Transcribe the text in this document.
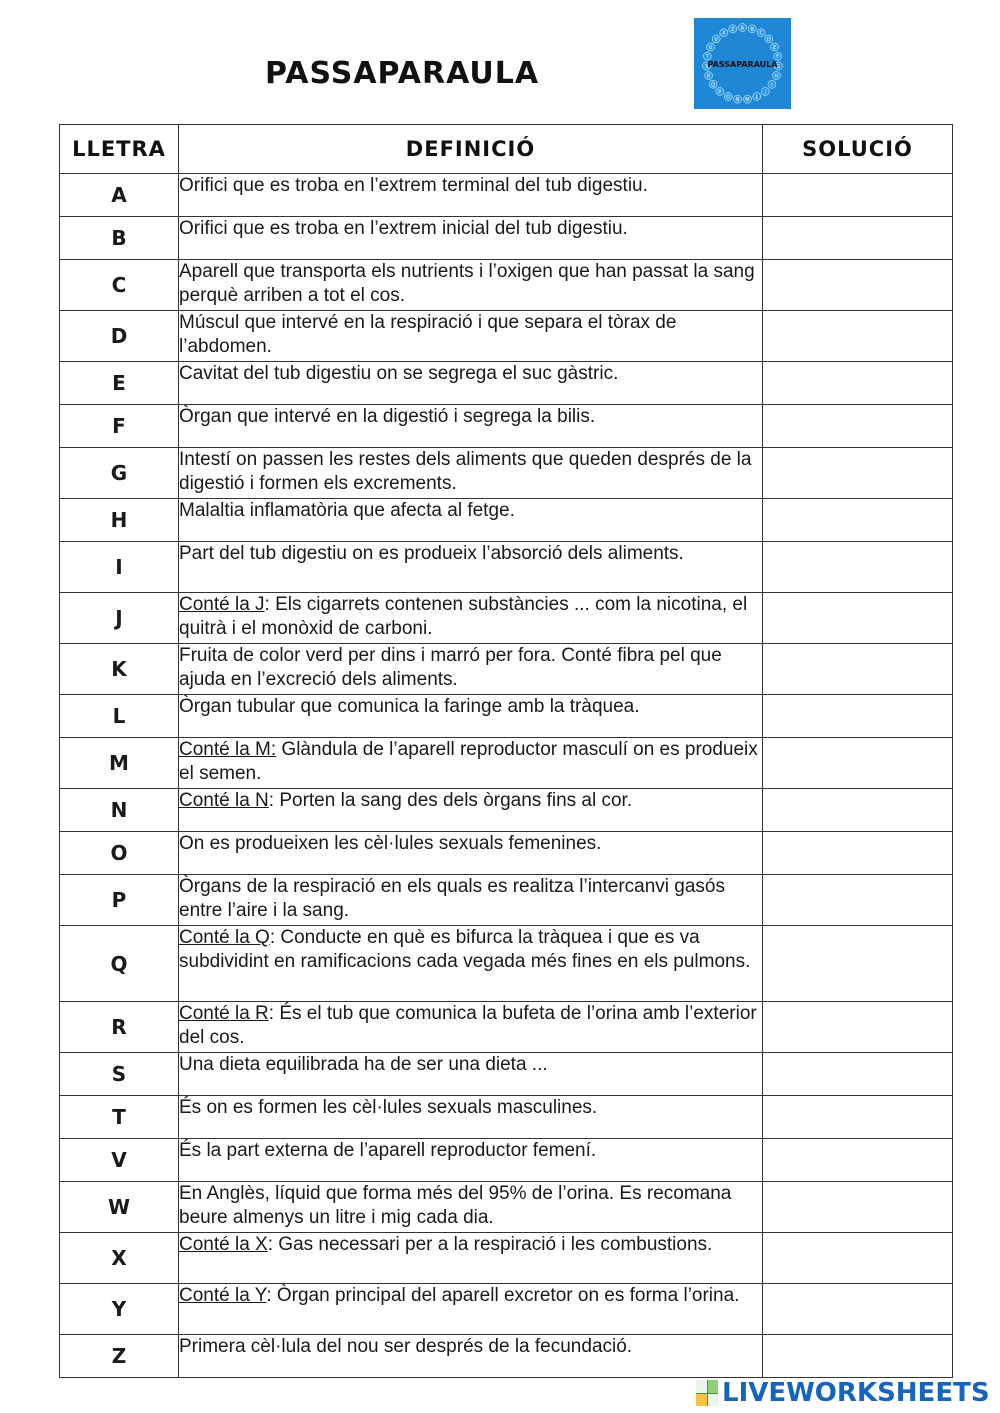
PASSAPARAULA
A B
C
D
E
F
G
H
I
J
L
M
N
O
P
Q
R
S
T
U
V
X
Z
PASSAPARAULA
LLETRA	DEFINICIÓ	SOLUCIÓ
A	Orifici que es troba en l’extrem terminal del tub digestiu.	
B	Orifici que es troba en l’extrem inicial del tub digestiu.	
C	Aparell que transporta els nutrients i l’oxigen que han passat la sang perquè arriben a tot el cos.	
D	Múscul que intervé en la respiració i que separa el tòrax de l’abdomen.	
E	Cavitat del tub digestiu on se segrega el suc gàstric.	
F	Òrgan que intervé en la digestió i segrega la bilis.	
G	Intestí on passen les restes dels aliments que queden després de la digestió i formen els excrements.	
H	Malaltia inflamatòria que afecta al fetge.	
I	Part del tub digestiu on es produeix l’absorció dels aliments.	
J	Conté la J: Els cigarrets contenen substàncies ... com la nicotina, el quitrà i el monòxid de carboni.	
K	Fruita de color verd per dins i marró per fora. Conté fibra pel que ajuda en l’excreció dels aliments.	
L	Òrgan tubular que comunica la faringe amb la tràquea.	
M	Conté la M: Glàndula de l’aparell reproductor masculí on es produeix el semen.	
N	Conté la N: Porten la sang des dels òrgans fins al cor.	
O	On es produeixen les cèl·lules sexuals femenines.	
P	Òrgans de la respiració en els quals es realitza l’intercanvi gasós entre l’aire i la sang.	
Q	Conté la Q: Conducte en què es bifurca la tràquea i que es va subdividint en ramificacions cada vegada més fines en els pulmons.	
R	Conté la R: És el tub que comunica la bufeta de l’orina amb l’exterior del cos.	
S	Una dieta equilibrada ha de ser una dieta ...	
T	És on es formen les cèl·lules sexuals masculines.	
V	És la part externa de l’aparell reproductor femení.	
W	En Anglès, líquid que forma més del 95% de l’orina. Es recomana beure almenys un litre i mig cada dia.	
X	Conté la X: Gas necessari per a la respiració i les combustions.	
Y	Conté la Y: Òrgan principal del aparell excretor on es forma l’orina.	
Z	Primera cèl·lula del nou ser després de la fecundació.	
LIVEWORKSHEETS
